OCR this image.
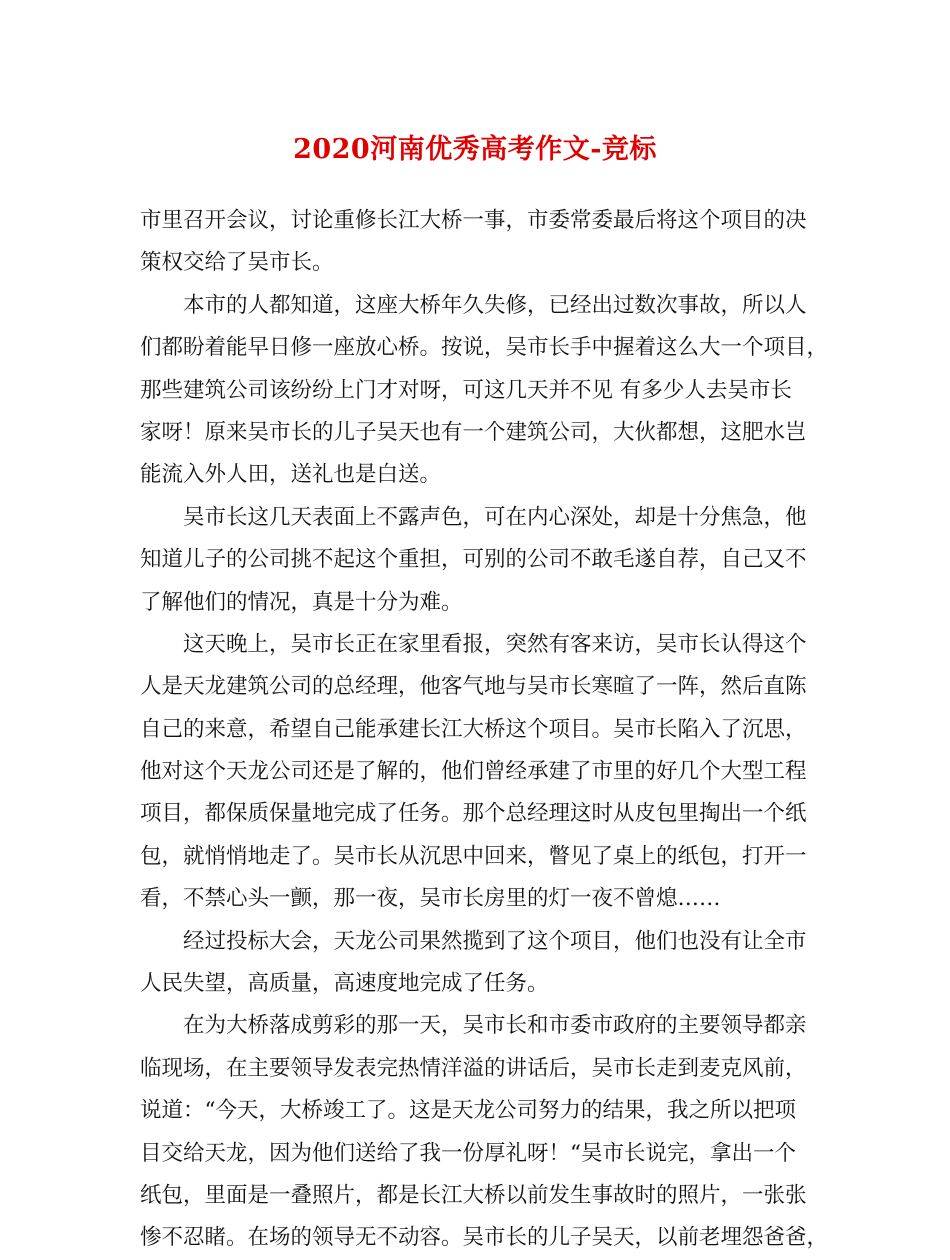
2020河南优秀高考作文-竞标
市里召开会议，讨论重修长江大桥一事，市委常委最后将这个项目的决
策权交给了吴市长。
本市的人都知道，这座大桥年久失修，已经出过数次事故，所以人
们都盼着能早日修一座放心桥。按说，吴市长手中握着这么大一个项目，
那些建筑公司该纷纷上门才对呀，可这几天并不见 有多少人去吴市长
家呀！原来吴市长的儿子吴天也有一个建筑公司，大伙都想，这肥水岂
能流入外人田，送礼也是白送。
吴市长这几天表面上不露声色，可在内心深处，却是十分焦急，他
知道儿子的公司挑不起这个重担，可别的公司不敢毛遂自荐，自己又不
了解他们的情况，真是十分为难。
这天晚上，吴市长正在家里看报，突然有客来访，吴市长认得这个
人是天龙建筑公司的总经理，他客气地与吴市长寒暄了一阵，然后直陈
自己的来意，希望自己能承建长江大桥这个项目。吴市长陷入了沉思，
他对这个天龙公司还是了解的，他们曾经承建了市里的好几个大型工程
项目，都保质保量地完成了任务。那个总经理这时从皮包里掏出一个纸
包，就悄悄地走了。吴市长从沉思中回来，瞥见了桌上的纸包，打开一
看，不禁心头一颤，那一夜，吴市长房里的灯一夜不曾熄……
经过投标大会，天龙公司果然揽到了这个项目，他们也没有让全市
人民失望，高质量，高速度地完成了任务。
在为大桥落成剪彩的那一天，吴市长和市委市政府的主要领导都亲
临现场，在主要领导发表完热情洋溢的讲话后，吴市长走到麦克风前，
说道：“今天，大桥竣工了。这是天龙公司努力的结果，我之所以把项
目交给天龙，因为他们送给了我一份厚礼呀！“吴市长说完，拿出一个
纸包，里面是一叠照片，都是长江大桥以前发生事故时的照片，一张张
惨不忍睹。在场的领导无不动容。吴市长的儿子吴天，以前老埋怨爸爸，
